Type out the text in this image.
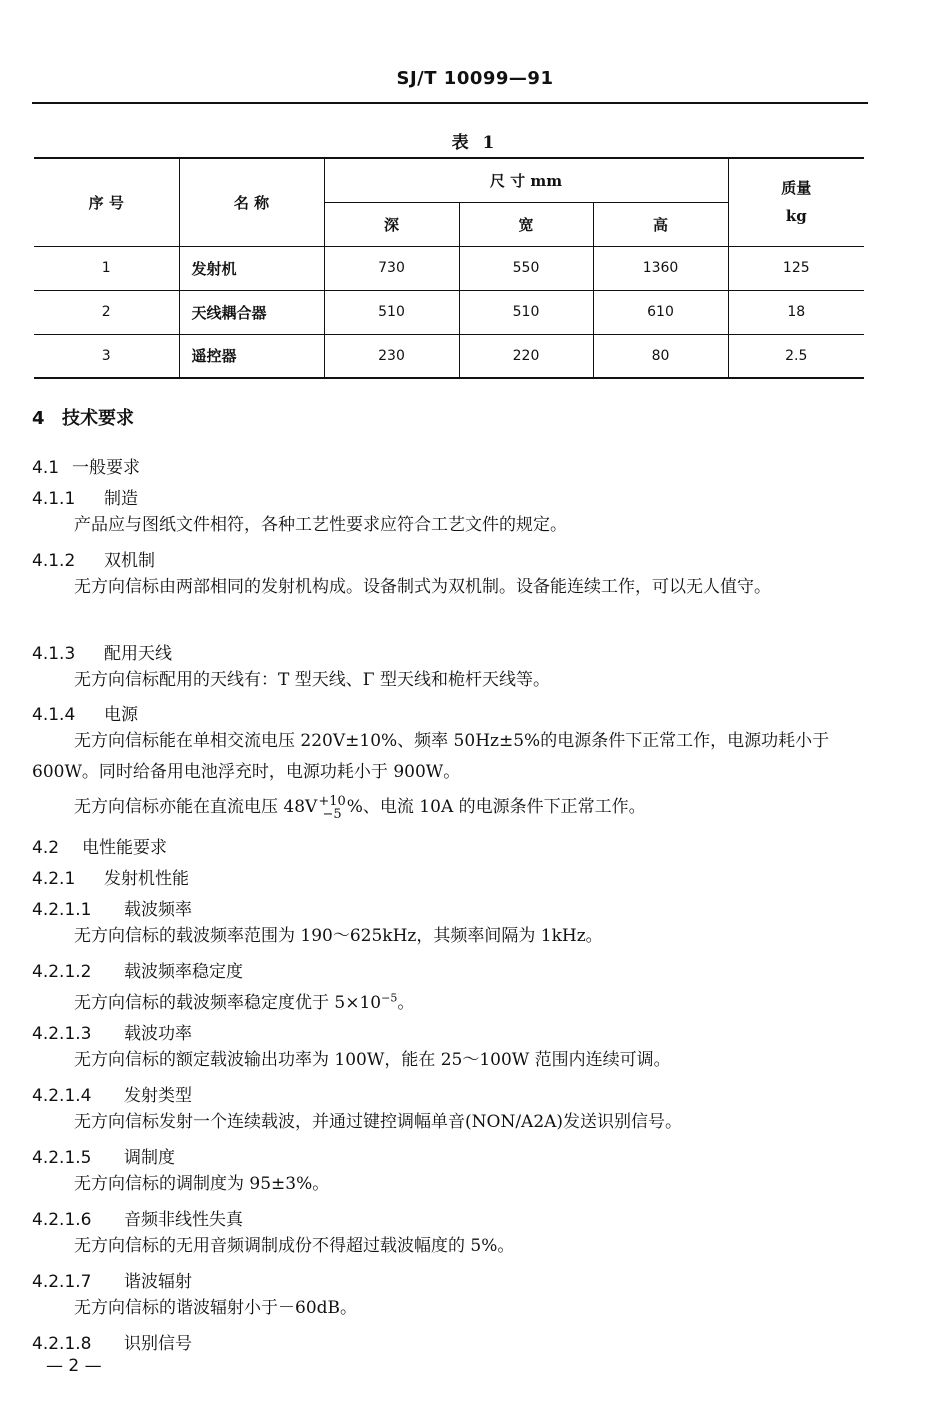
SJ/T 10099—91
表 1
序 号	名 称	尺 寸 mm			质量
kg

		深	宽	高	
1	发射机	730	550	1360	125
2	天线耦合器	510	510	610	18
3	遥控器	230	220	80	2.5
4 技术要求
4.1 一般要求
4.1.1 制造
产品应与图纸文件相符，各种工艺性要求应符合工艺文件的规定。
4.1.2 双机制
无方向信标由两部相同的发射机构成。设备制式为双机制。设备能连续工作，可以无人值守。
4.1.3 配用天线
无方向信标配用的天线有：T 型天线、Γ 型天线和桅杆天线等。
4.1.4 电源
无方向信标能在单相交流电压 220V±10%、频率 50Hz±5%的电源条件下正常工作，电源功耗小于 600W。同时给备用电池浮充时，电源功耗小于 900W。
无方向信标亦能在直流电压 48V +10
−5 %、电流 10A 的电源条件下正常工作。
4.2 电性能要求
4.2.1 发射机性能
4.2.1.1 载波频率
无方向信标的载波频率范围为 190～625kHz，其频率间隔为 1kHz。
4.2.1.2 载波频率稳定度
无方向信标的载波频率稳定度优于 $5\times 10^{-5}$。
4.2.1.3 载波功率
无方向信标的额定载波输出功率为 100W，能在 25～100W 范围内连续可调。
4.2.1.4 发射类型
无方向信标发射一个连续载波，并通过键控调幅单音(NON/A2A)发送识别信号。
4.2.1.5 调制度
无方向信标的调制度为 95±3%。
4.2.1.6 音频非线性失真
无方向信标的无用音频调制成份不得超过载波幅度的 5%。
4.2.1.7 谐波辐射
无方向信标的谐波辐射小于－60dB。
4.2.1.8 识别信号
— 2 —
